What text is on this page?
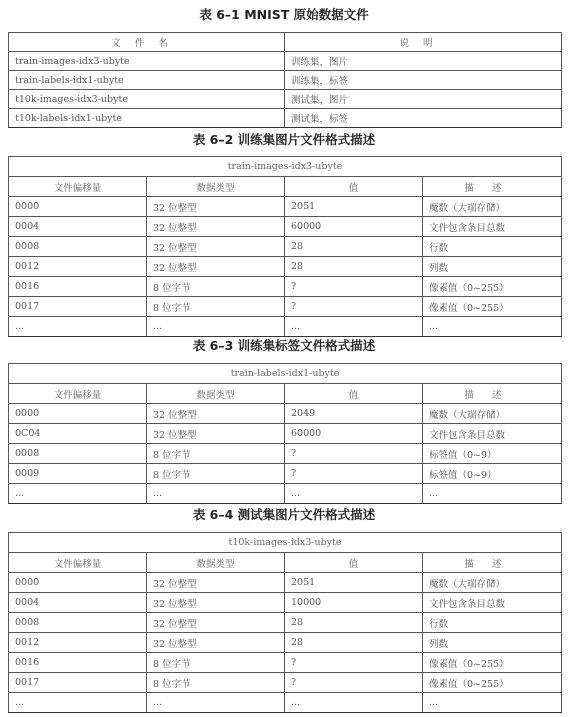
表 6–1 MNIST 原始数据文件
文件名	说明
train-images-idx3-ubyte	训练集，图片
train-labels-idx1-ubyte	训练集，标签
t10k-images-idx3-ubyte	测试集，图片
t10k-labels-idx1-ubyte	测试集，标签
表 6–2 训练集图片文件格式描述
train-images-idx3-ubyte			
文件偏移量	数据类型	值	描述
0000	32 位整型	2051	魔数（大端存储）
0004	32 位整型	60000	文件包含条目总数
0008	32 位整型	28	行数
0012	32 位整型	28	列数
0016	8 位字节	?	像素值（0~255）
0017	8 位字节	?	像素值（0~255）
...	...	...	...
表 6–3 训练集标签文件格式描述
train-labels-idx1-ubyte			
文件偏移量	数据类型	值	描述
0000	32 位整型	2049	魔数（大端存储）
0C04	32 位整型	60000	文件包含条目总数
0008	8 位字节	?	标签值（0~9）
0009	8 位字节	?	标签值（0~9）
...	...	...	...
表 6–4 测试集图片文件格式描述
t10k-images-idx3-ubyte			
文件偏移量	数据类型	值	描述
0000	32 位整型	2051	魔数（大端存储）
0004	32 位整型	10000	文件包含条目总数
0008	32 位整型	28	行数
0012	32 位整型	28	列数
0016	8 位字节	?	像素值（0~255）
0017	8 位字节	?	像素值（0~255）
...	...	...	...
